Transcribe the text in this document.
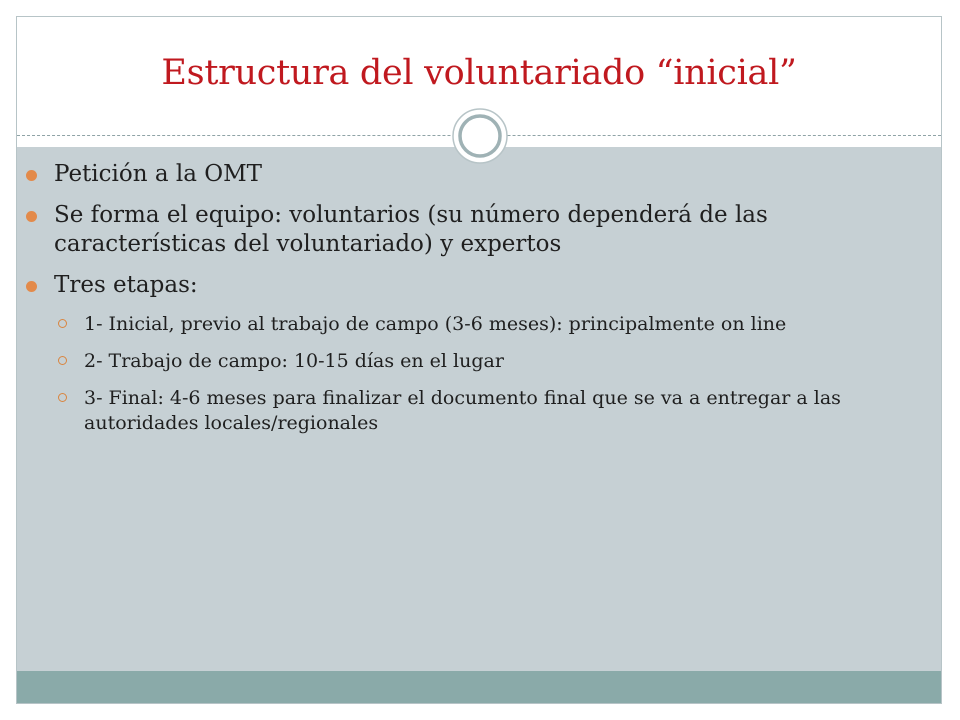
Estructura del voluntariado “inicial”
Petición a la OMT
Se forma el equipo: voluntarios (su número dependerá de las características del voluntariado) y expertos
Tres etapas:
1- Inicial, previo al trabajo de campo (3-6 meses): principalmente on line
2- Trabajo de campo: 10-15 días en el lugar
3- Final: 4-6 meses para finalizar el documento final que se va a entregar a las autoridades locales/regionales
